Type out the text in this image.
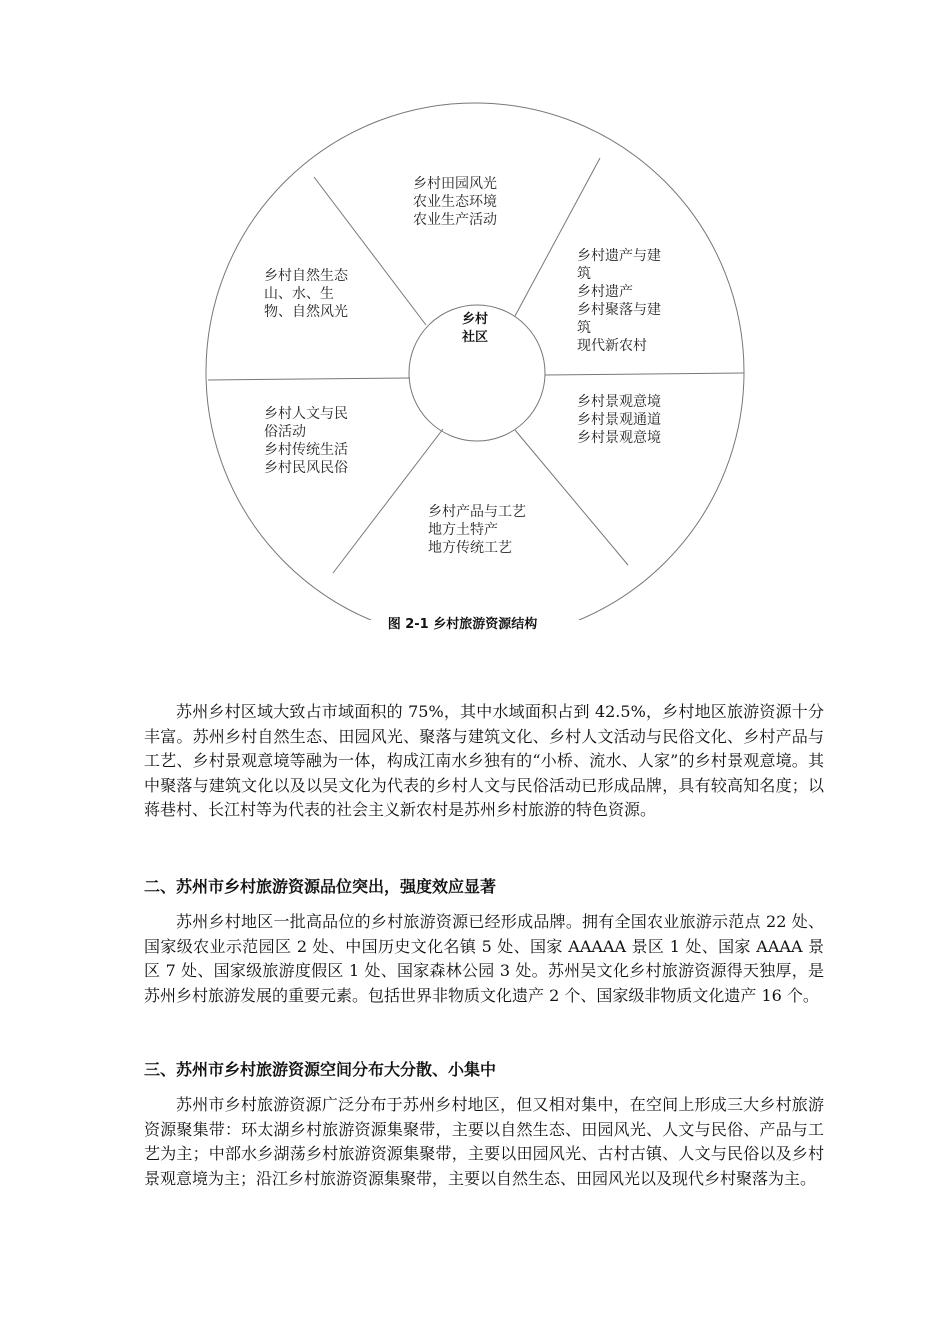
乡村田园风光
农业生态环境
农业生产活动
乡村遗产与建
筑
乡村遗产
乡村聚落与建
筑
现代新农村
乡村景观意境
乡村景观通道
乡村景观意境
乡村产品与工艺
地方土特产
地方传统工艺
乡村人文与民
俗活动
乡村传统生活
乡村民风民俗
乡村自然生态
山、水、生
物、自然风光	乡村
社区
图 2-1 乡村旅游资源结构

苏州乡村区域大致占市域面积的 75%，其中水域面积占到 42.5%，乡村地区旅游资源十分丰富。苏州乡村自然生态、田园风光、聚落与建筑文化、乡村人文活动与民俗文化、乡村产品与工艺、乡村景观意境等融为一体，构成江南水乡独有的“小桥、流水、人家”的乡村景观意境。其中聚落与建筑文化以及以吴文化为代表的乡村人文与民俗活动已形成品牌，具有较高知名度；以蒋巷村、长江村等为代表的社会主义新农村是苏州乡村旅游的特色资源。

二、苏州市乡村旅游资源品位突出，强度效应显著

苏州乡村地区一批高品位的乡村旅游资源已经形成品牌。拥有全国农业旅游示范点 22 处、国家级农业示范园区 2 处、中国历史文化名镇 5 处、国家 AAAAA 景区 1 处、国家 AAAA 景区 7 处、国家级旅游度假区 1 处、国家森林公园 3 处。苏州吴文化乡村旅游资源得天独厚，是苏州乡村旅游发展的重要元素。包括世界非物质文化遗产 2 个、国家级非物质文化遗产 16 个。

三、苏州市乡村旅游资源空间分布大分散、小集中

苏州市乡村旅游资源广泛分布于苏州乡村地区，但又相对集中，在空间上形成三大乡村旅游资源聚集带：环太湖乡村旅游资源集聚带，主要以自然生态、田园风光、人文与民俗、产品与工艺为主；中部水乡湖荡乡村旅游资源集聚带，主要以田园风光、古村古镇、人文与民俗以及乡村景观意境为主；沿江乡村旅游资源集聚带，主要以自然生态、田园风光以及现代乡村聚落为主。
